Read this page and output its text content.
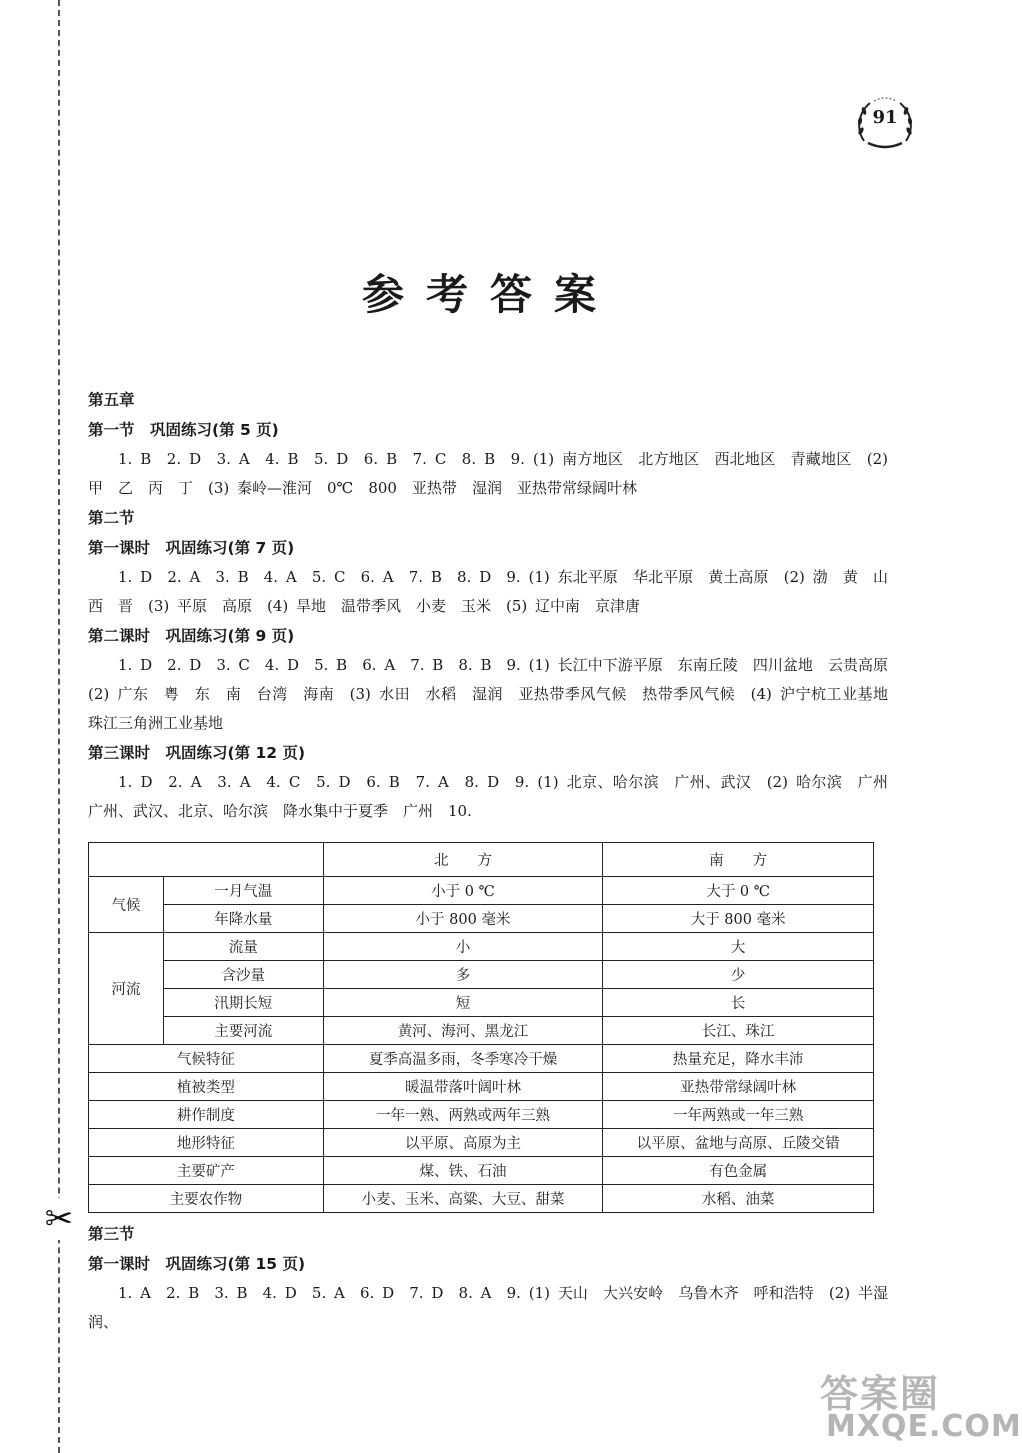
✂
91
参考答案
第五章
第一节　巩固练习(第 5 页)
1. B　2. D　3. A　4. B　5. D　6. B　7. C　8. B　9. (1) 南方地区　北方地区　西北地区　青藏地区　(2) 甲　乙　丙　丁　(3) 秦岭—淮河　0℃　800　亚热带　湿润　亚热带常绿阔叶林
第二节
第一课时　巩固练习(第 7 页)
1. D　2. A　3. B　4. A　5. C　6. A　7. B　8. D　9. (1) 东北平原　华北平原　黄土高原　(2) 渤　黄　山西　晋　(3) 平原　高原　(4) 旱地　温带季风　小麦　玉米　(5) 辽中南　京津唐
第二课时　巩固练习(第 9 页)
1. D　2. D　3. C　4. D　5. B　6. A　7. B　8. B　9. (1) 长江中下游平原　东南丘陵　四川盆地　云贵高原　(2) 广东　粤　东　南　台湾　海南　(3) 水田　水稻　湿润　亚热带季风气候　热带季风气候　(4) 沪宁杭工业基地　珠江三角洲工业基地
第三课时　巩固练习(第 12 页)
1. D　2. A　3. A　4. C　5. D　6. B　7. A　8. D　9. (1) 北京、哈尔滨　广州、武汉　(2) 哈尔滨　广州　广州、武汉、北京、哈尔滨　降水集中于夏季　广州　10.
		北　　方	南　　方
气候	一月气温	小于 0 ℃	大于 0 ℃
	年降水量	小于 800 毫米	大于 800 毫米
河流	流量	小	大
	含沙量	多	少
	汛期长短	短	长
	主要河流	黄河、海河、黑龙江	长江、珠江
气候特征		夏季高温多雨，冬季寒冷干燥	热量充足，降水丰沛
植被类型		暖温带落叶阔叶林	亚热带常绿阔叶林
耕作制度		一年一熟、两熟或两年三熟	一年两熟或一年三熟
地形特征		以平原、高原为主	以平原、盆地与高原、丘陵交错
主要矿产		煤、铁、石油	有色金属
主要农作物		小麦、玉米、高粱、大豆、甜菜	水稻、油菜
第三节
第一课时　巩固练习(第 15 页)
1. A　2. B　3. B　4. D　5. A　6. D　7. D　8. A　9. (1) 天山　大兴安岭　乌鲁木齐　呼和浩特　(2) 半湿润、
答案圈
MXQE.COM
